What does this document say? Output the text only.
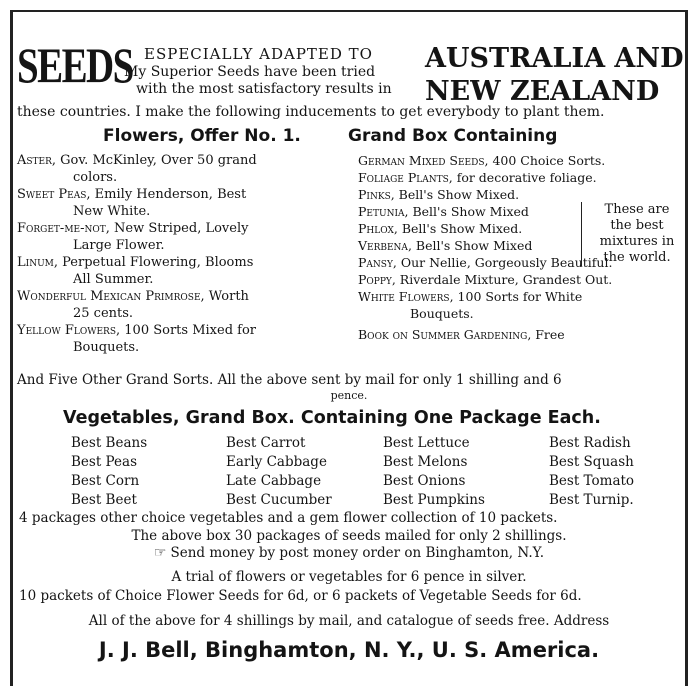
SEEDS ESPECIALLY ADAPTED TO
My Superior Seeds have been tried
with the most satisfactory results in
AUSTRALIA AND
NEW ZEALAND
these countries. I make the following inducements to get everybody to plant them.
Flowers, Offer No. 1.	Grand Box Containing

Aster, Gov. McKinley, Over 50 grand

colors.

Sweet Peas, Emily Henderson, Best

New White.

Forget-me-not, New Striped, Lovely

Large Flower.

Linum, Perpetual Flowering, Blooms

All Summer.

Wonderful Mexican Primrose, Worth

25 cents.

Yellow Flowers, 100 Sorts Mixed for

Bouquets.

German Mixed Seeds, 400 Choice Sorts.

Foliage Plants, for decorative foliage.

Pinks, Bell's Show Mixed.

Petunia, Bell's Show Mixed

Phlox, Bell's Show Mixed.

Verbena, Bell's Show Mixed

Pansy, Our Nellie, Gorgeously Beautiful.

Poppy, Riverdale Mixture, Grandest Out.

White Flowers, 100 Sorts for White

Bouquets.

Book on Summer Gardening, Free

These are

the best

mixtures in

the world.

And Five Other Grand Sorts. All the above sent by mail for only 1 shilling and 6
pence.
Vegetables, Grand Box. Containing One Package Each.
Best Beans
Best Peas
Best Corn
Best Beet
Best Carrot
Early Cabbage
Late Cabbage
Best Cucumber
Best Lettuce
Best Melons
Best Onions
Best Pumpkins
Best Radish
Best Squash
Best Tomato
Best Turnip.
4 packages other choice vegetables and a gem flower collection of 10 packets.
The above box 30 packages of seeds mailed for only 2 shillings.
☞ Send money by post money order on Binghamton, N.Y.
A trial of flowers or vegetables for 6 pence in silver.
10 packets of Choice Flower Seeds for 6d, or 6 packets of Vegetable Seeds for 6d.
All of the above for 4 shillings by mail, and catalogue of seeds free. Address
J. J. Bell, Binghamton, N. Y., U. S. America.
